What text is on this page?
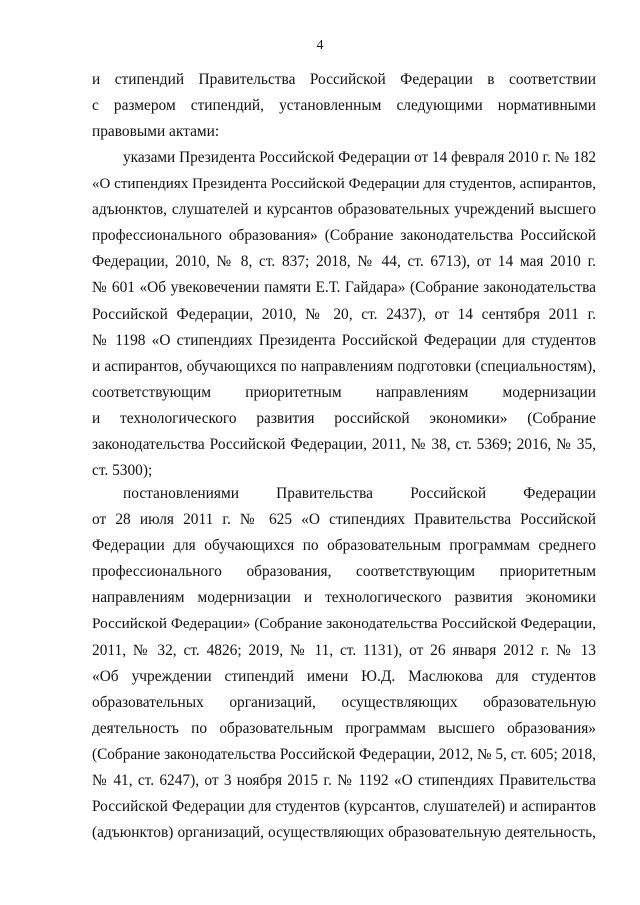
4
и стипендий Правительства Российской Федерации в соответствии
с размером стипендий, установленным следующими нормативными
правовыми актами:
указами Президента Российской Федерации от 14 февраля 2010 г. № 182
«О стипендиях Президента Российской Федерации для студентов, аспирантов,
адъюнктов, слушателей и курсантов образовательных учреждений высшего
профессионального образования» (Собрание законодательства Российской
Федерации, 2010, № 8, ст. 837; 2018, № 44, ст. 6713), от 14 мая 2010 г.
№ 601 «Об увековечении памяти Е.Т. Гайдара» (Собрание законодательства
Российской Федерации, 2010, № 20, ст. 2437), от 14 сентября 2011 г.
№ 1198 «О стипендиях Президента Российской Федерации для студентов
и аспирантов, обучающихся по направлениям подготовки (специальностям),
соответствующим приоритетным направлениям модернизации
и технологического развития российской экономики» (Собрание
законодательства Российской Федерации, 2011, № 38, ст. 5369; 2016, № 35,
ст. 5300);
постановлениями Правительства Российской Федерации
от 28 июля 2011 г. № 625 «О стипендиях Правительства Российской
Федерации для обучающихся по образовательным программам среднего
профессионального образования, соответствующим приоритетным
направлениям модернизации и технологического развития экономики
Российской Федерации» (Собрание законодательства Российской Федерации,
2011, № 32, ст. 4826; 2019, № 11, ст. 1131), от 26 января 2012 г. № 13
«Об учреждении стипендий имени Ю.Д. Маслюкова для студентов
образовательных организаций, осуществляющих образовательную
деятельность по образовательным программам высшего образования»
(Собрание законодательства Российской Федерации, 2012, № 5, ст. 605; 2018,
№ 41, ст. 6247), от 3 ноября 2015 г. № 1192 «О стипендиях Правительства
Российской Федерации для студентов (курсантов, слушателей) и аспирантов
(адъюнктов) организаций, осуществляющих образовательную деятельность,
